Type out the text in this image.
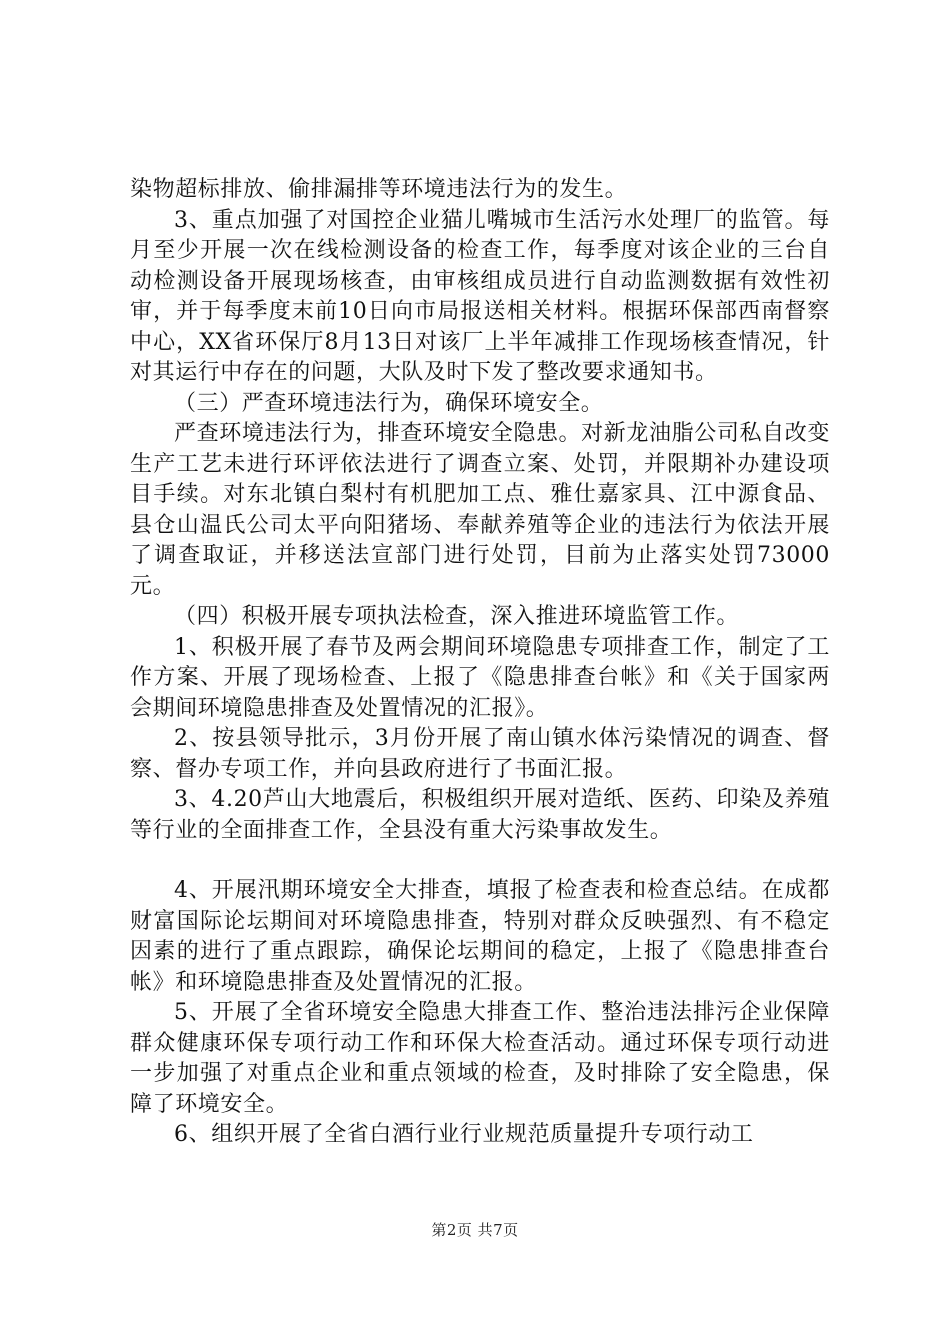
染物超标排放、偷排漏排等环境违法行为的发生。

3、重点加强了对国控企业猫儿嘴城市生活污水处理厂的监管。每月至少开展一次在线检测设备的检查工作，每季度对该企业的三台自动检测设备开展现场核查，由审核组成员进行自动监测数据有效性初审，并于每季度末前10日向市局报送相关材料。根据环保部西南督察中心，XX省环保厅8月13日对该厂上半年减排工作现场核查情况，针对其运行中存在的问题，大队及时下发了整改要求通知书。

（三）严查环境违法行为，确保环境安全。

严查环境违法行为，排查环境安全隐患。对新龙油脂公司私自改变生产工艺未进行环评依法进行了调查立案、处罚，并限期补办建设项目手续。对东北镇白梨村有机肥加工点、雅仕嘉家具、江中源食品、县仓山温氏公司太平向阳猪场、奉献养殖等企业的违法行为依法开展了调查取证，并移送法宣部门进行处罚，目前为止落实处罚73000元。

（四）积极开展专项执法检查，深入推进环境监管工作。

1、积极开展了春节及两会期间环境隐患专项排查工作，制定了工作方案、开展了现场检查、上报了《隐患排查台帐》和《关于国家两会期间环境隐患排查及处置情况的汇报》。

2、按县领导批示，3月份开展了南山镇水体污染情况的调查、督察、督办专项工作，并向县政府进行了书面汇报。

3、4.20芦山大地震后，积极组织开展对造纸、医药、印染及养殖等行业的全面排查工作，全县没有重大污染事故发生。

4、开展汛期环境安全大排查，填报了检查表和检查总结。在成都财富国际论坛期间对环境隐患排查，特别对群众反映强烈、有不稳定因素的进行了重点跟踪，确保论坛期间的稳定，上报了《隐患排查台帐》和环境隐患排查及处置情况的汇报。

5、开展了全省环境安全隐患大排查工作、整治违法排污企业保障群众健康环保专项行动工作和环保大检查活动。通过环保专项行动进一步加强了对重点企业和重点领域的检查，及时排除了安全隐患，保障了环境安全。

6、组织开展了全省白酒行业行业规范质量提升专项行动工

第2页 共7页
